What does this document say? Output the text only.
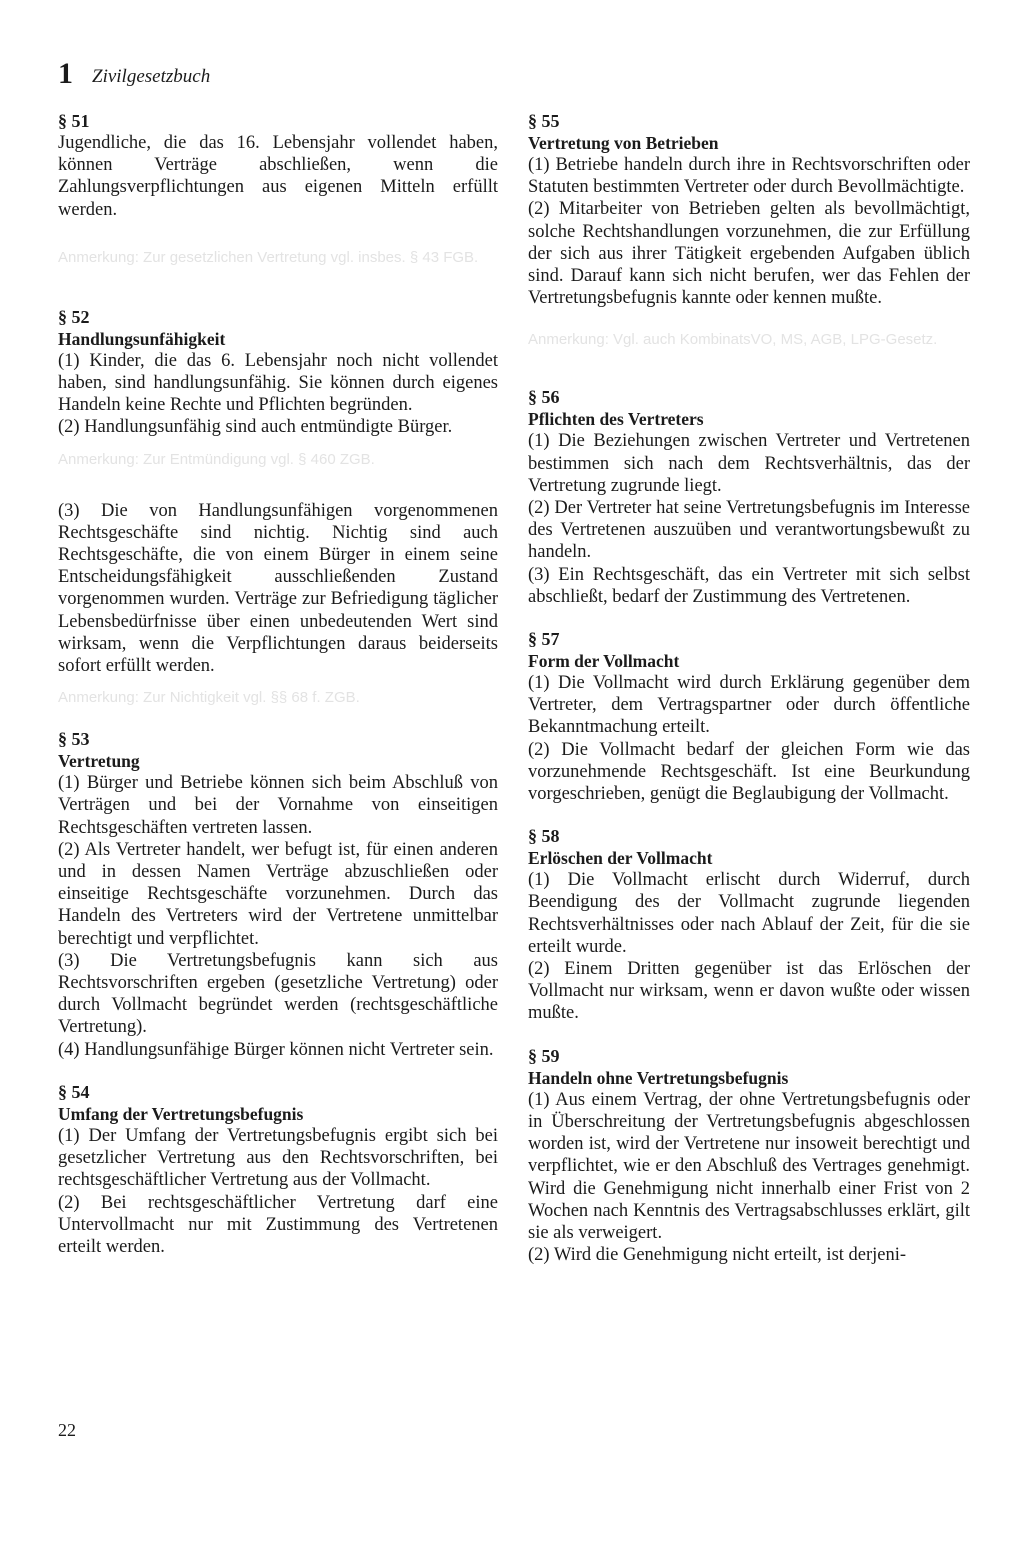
1 Zivilgesetzbuch
§ 51
Jugendliche, die das 16. Lebensjahr vollendet haben, können Verträge abschließen, wenn die Zahlungsverpflichtungen aus eigenen Mitteln erfüllt werden.
Anmerkung: Zur gesetzlichen Vertretung vgl. insbes. § 43 FGB.
§ 52
Handlungsunfähigkeit
(1) Kinder, die das 6. Lebensjahr noch nicht vollendet haben, sind handlungsunfähig. Sie können durch eigenes Handeln keine Rechte und Pflichten begründen.
(2) Handlungsunfähig sind auch entmündigte Bürger.
Anmerkung: Zur Entmündigung vgl. § 460 ZGB.
(3) Die von Handlungsunfähigen vorgenommenen Rechtsgeschäfte sind nichtig. Nichtig sind auch Rechtsgeschäfte, die von einem Bürger in einem seine Entscheidungsfähigkeit ausschließenden Zustand vorgenommen wurden. Verträge zur Befriedigung täglicher Lebensbedürfnisse über einen unbedeutenden Wert sind wirksam, wenn die Verpflichtungen daraus beiderseits sofort erfüllt werden.
Anmerkung: Zur Nichtigkeit vgl. §§ 68 f. ZGB.
§ 53
Vertretung
(1) Bürger und Betriebe können sich beim Abschluß von Verträgen und bei der Vornahme von einseitigen Rechtsgeschäften vertreten lassen.
(2) Als Vertreter handelt, wer befugt ist, für einen anderen und in dessen Namen Verträge abzuschließen oder einseitige Rechtsgeschäfte vorzunehmen. Durch das Handeln des Vertreters wird der Vertretene unmittelbar berechtigt und verpflichtet.
(3) Die Vertretungsbefugnis kann sich aus Rechtsvorschriften ergeben (gesetzliche Vertretung) oder durch Vollmacht begründet werden (rechtsgeschäftliche Vertretung).
(4) Handlungsunfähige Bürger können nicht Vertreter sein.
§ 54
Umfang der Vertretungsbefugnis
(1) Der Umfang der Vertretungsbefugnis ergibt sich bei gesetzlicher Vertretung aus den Rechtsvorschriften, bei rechtsgeschäftlicher Vertretung aus der Vollmacht.
(2) Bei rechtsgeschäftlicher Vertretung darf eine Untervollmacht nur mit Zustimmung des Vertretenen erteilt werden.
§ 55
Vertretung von Betrieben
(1) Betriebe handeln durch ihre in Rechtsvorschriften oder Statuten bestimmten Vertreter oder durch Bevollmächtigte.
(2) Mitarbeiter von Betrieben gelten als bevollmächtigt, solche Rechtshandlungen vorzunehmen, die zur Erfüllung der sich aus ihrer Tätigkeit ergebenden Aufgaben üblich sind. Darauf kann sich nicht berufen, wer das Fehlen der Vertretungsbefugnis kannte oder kennen mußte.
Anmerkung: Vgl. auch KombinatsVO, MS, AGB, LPG-Gesetz.
§ 56
Pflichten des Vertreters
(1) Die Beziehungen zwischen Vertreter und Vertretenen bestimmen sich nach dem Rechtsverhältnis, das der Vertretung zugrunde liegt.
(2) Der Vertreter hat seine Vertretungsbefugnis im Interesse des Vertretenen auszuüben und verantwortungsbewußt zu handeln.
(3) Ein Rechtsgeschäft, das ein Vertreter mit sich selbst abschließt, bedarf der Zustimmung des Vertretenen.
§ 57
Form der Vollmacht
(1) Die Vollmacht wird durch Erklärung gegenüber dem Vertreter, dem Vertragspartner oder durch öffentliche Bekanntmachung erteilt.
(2) Die Vollmacht bedarf der gleichen Form wie das vorzunehmende Rechtsgeschäft. Ist eine Beurkundung vorgeschrieben, genügt die Beglaubigung der Vollmacht.
§ 58
Erlöschen der Vollmacht
(1) Die Vollmacht erlischt durch Widerruf, durch Beendigung des der Vollmacht zugrunde liegenden Rechtsverhältnisses oder nach Ablauf der Zeit, für die sie erteilt wurde.
(2) Einem Dritten gegenüber ist das Erlöschen der Vollmacht nur wirksam, wenn er davon wußte oder wissen mußte.
§ 59
Handeln ohne Vertretungsbefugnis
(1) Aus einem Vertrag, der ohne Vertretungsbefugnis oder in Überschreitung der Vertretungsbefugnis abgeschlossen worden ist, wird der Vertretene nur insoweit berechtigt und verpflichtet, wie er den Abschluß des Vertrages genehmigt. Wird die Genehmigung nicht innerhalb einer Frist von 2 Wochen nach Kenntnis des Vertragsabschlusses erklärt, gilt sie als verweigert.
(2) Wird die Genehmigung nicht erteilt, ist derjeni-
22
